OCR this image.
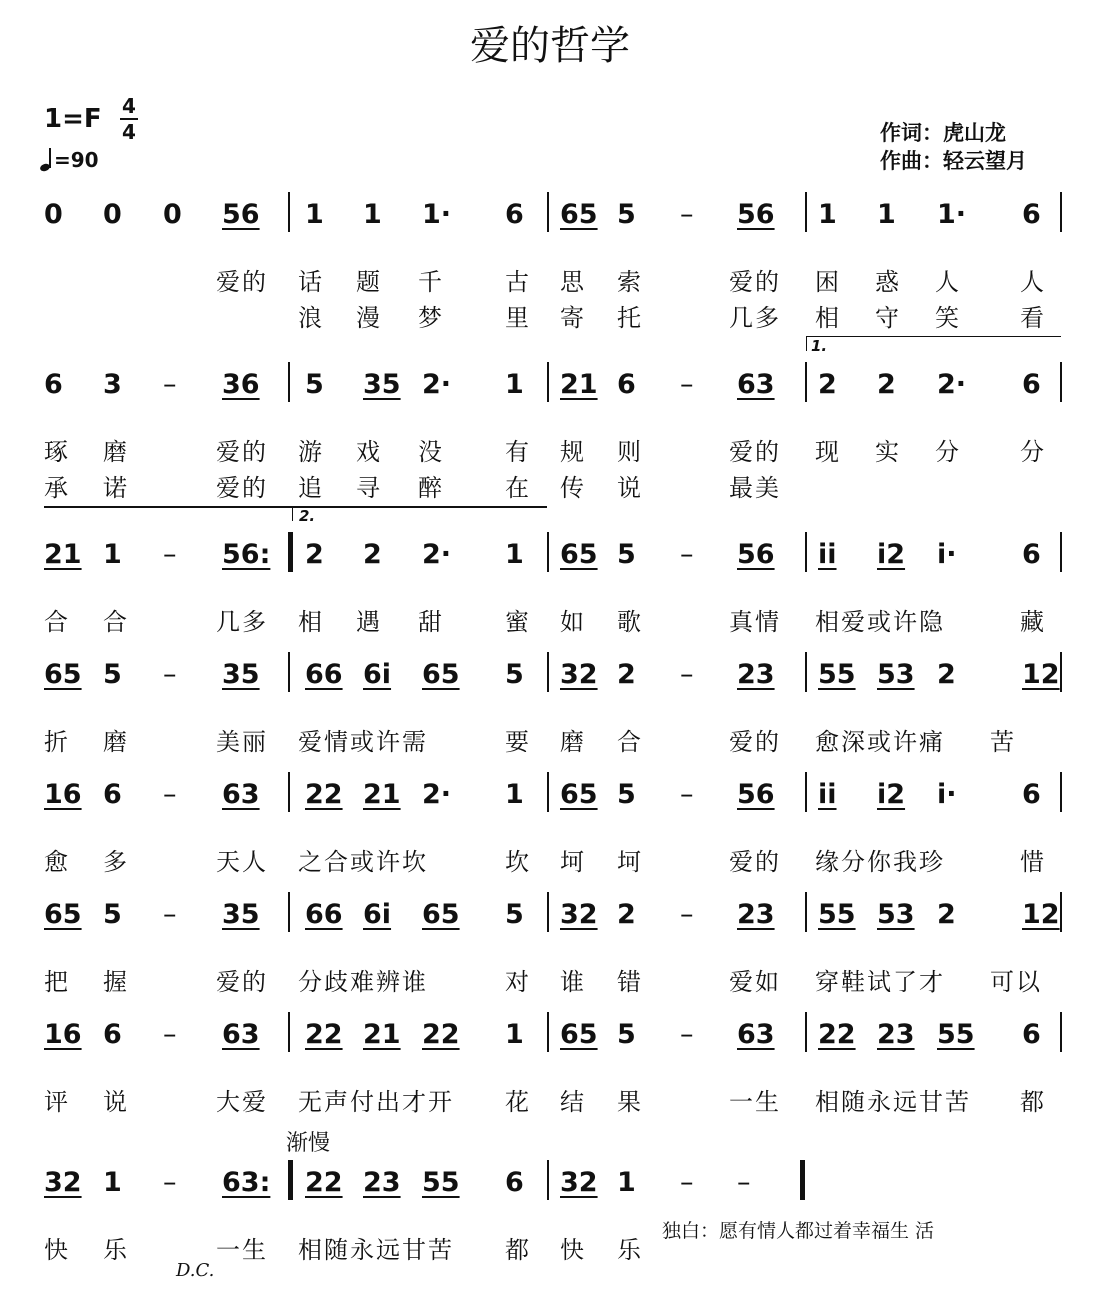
爱的哲学
1=F 4
4
=90
作词：虎山龙
作曲：轻云望月
0 0 0 56 1 1 1· 6 65 5 – 56 1 1 1· 6
爱的 话 题 千	古 思 索	爱的 困 惑 人 人
浪 漫 梦	里 寄 托	几多 相 守 笑 看
6 3 – 36 5 35 2· 1 21 6 – 63 2 2 2· 6
琢 磨	爱的 游 戏 没	有 规 则	爱的 现 实 分 分
承 诺	爱的 追 寻 醉	在 传 说	最美
21 1 – 56: 2 2 2· 1 65 5 – 56 ii i2 i· 6
合 合	几多 相 遇 甜	蜜 如 歌	真情 相爱或许隐	藏
65 5 – 35 66 6i 65 5 32 2 – 23 55 53 2 12
折 磨	美丽 爱情或许需	要 磨 合	爱的 愈深或许痛 苦
16 6 – 63 22 21 2· 1 65 5 – 56 ii i2 i· 6
愈 多	天人 之合或许坎	坎 坷 坷	爱的 缘分你我珍	惜
65 5 – 35 66 6i 65 5 32 2 – 23 55 53 2 12
把 握	爱的 分歧难辨谁	对 谁 错	爱如 穿鞋试了才 可以
16 6 – 63 22 21 22 1 65 5 – 63 22 23 55 6
评 说	大爱 无声付出才开 花 结 果	一生 相随永远甘苦 都
32 1 – 63: 22 23 55 6 32 1 – –
快 乐	一生 相随永远甘苦 都 快 乐
1.
2.
渐慢
独白：愿有情人都过着幸福生 活
D.C.
